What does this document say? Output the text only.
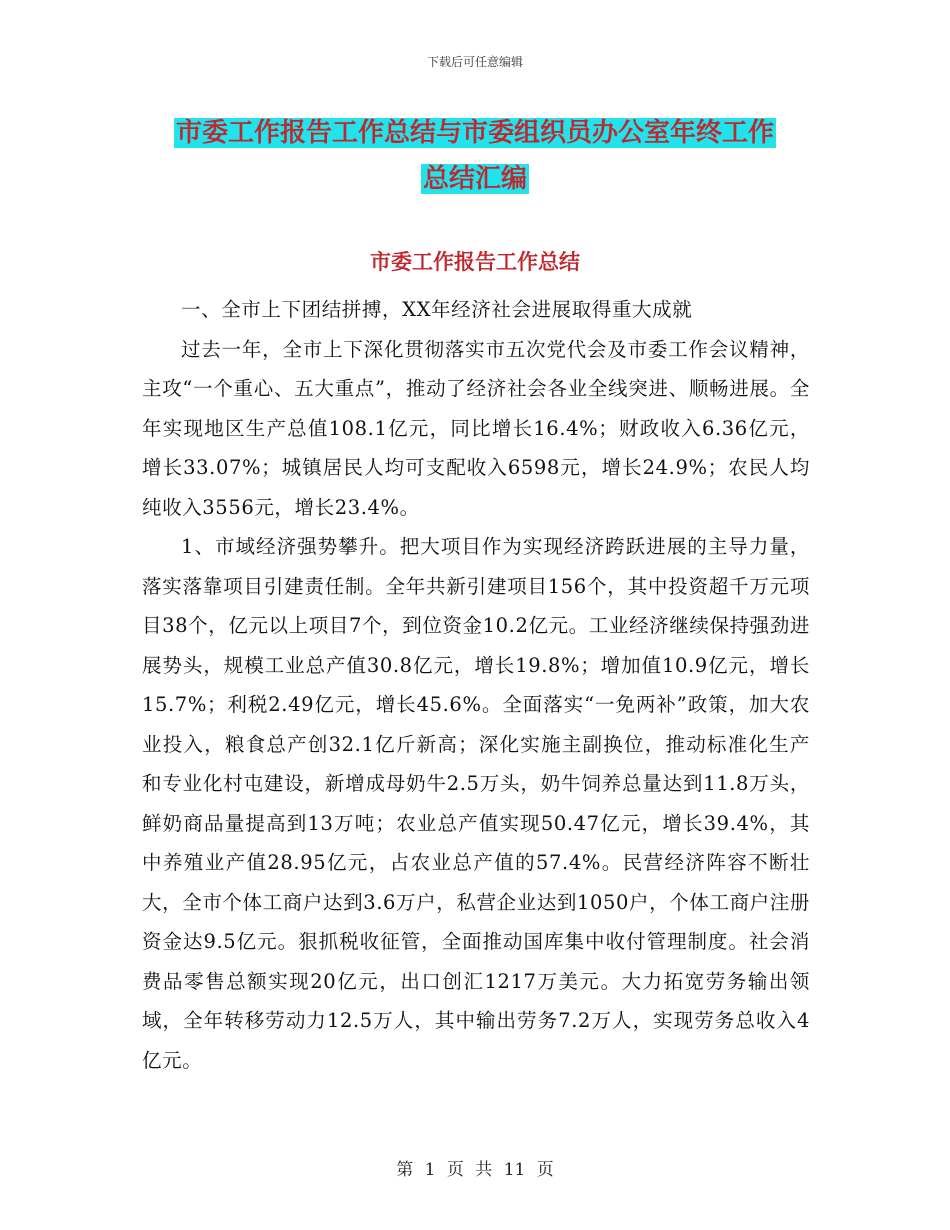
下载后可任意编辑
市委工作报告工作总结与市委组织员办公室年终工作
总结汇编
市委工作报告工作总结

一、全市上下团结拼搏，XX年经济社会进展取得重大成就

过去一年，全市上下深化贯彻落实市五次党代会及市委工作会议精神，主攻“一个重心、五大重点”，推动了经济社会各业全线突进、顺畅进展。全年实现地区生产总值108.1亿元，同比增长16.4%；财政收入6.36亿元，增长33.07%；城镇居民人均可支配收入6598元，增长24.9%；农民人均纯收入3556元，增长23.4%。

1、市域经济强势攀升。把大项目作为实现经济跨跃进展的主导力量，落实落靠项目引建责任制。全年共新引建项目156个，其中投资超千万元项目38个，亿元以上项目7个，到位资金10.2亿元。工业经济继续保持强劲进展势头，规模工业总产值30.8亿元，增长19.8%；增加值10.9亿元，增长15.7%；利税2.49亿元，增长45.6%。全面落实“一免两补”政策，加大农业投入，粮食总产创32.1亿斤新高；深化实施主副换位，推动标准化生产和专业化村屯建设，新增成母奶牛2.5万头，奶牛饲养总量达到11.8万头，鲜奶商品量提高到13万吨；农业总产值实现50.47亿元，增长39.4%，其中养殖业产值28.95亿元，占农业总产值的57.4%。民营经济阵容不断壮大，全市个体工商户达到3.6万户，私营企业达到1050户，个体工商户注册资金达9.5亿元。狠抓税收征管，全面推动国库集中收付管理制度。社会消费品零售总额实现20亿元，出口创汇1217万美元。大力拓宽劳务输出领域，全年转移劳动力12.5万人，其中输出劳务7.2万人，实现劳务总收入4亿元。

第 1 页 共 11 页
